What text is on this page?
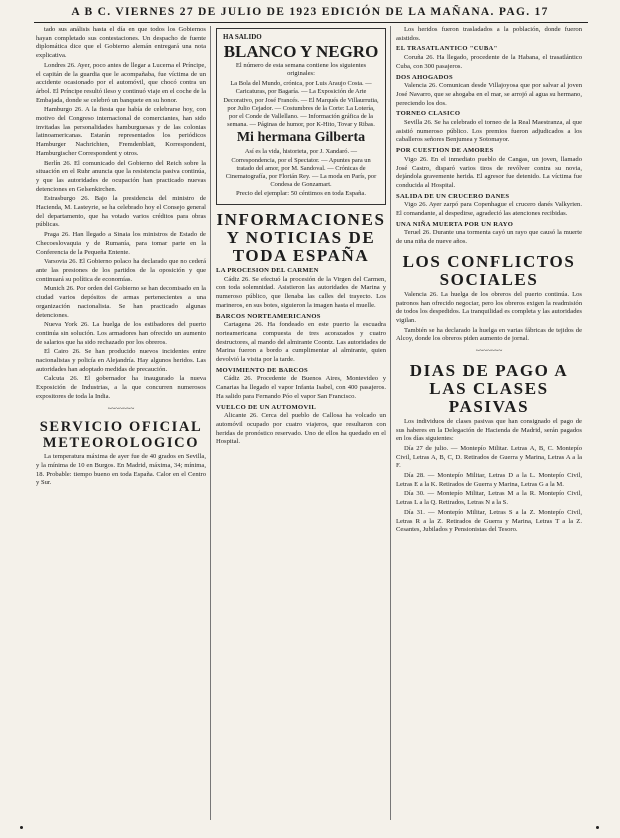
A B C. VIERNES 27 DE JULIO DE 1923 EDICIÓN DE LA MAÑANA. PAG. 17

tado sus análisis hasta el día en que todos los Gobiernos hayan completado sus contestaciones. Un despacho de fuente diplomática dice que el Gobierno alemán entregará una nota explicativa.

Londres 26. Ayer, poco antes de llegar a Lucerna el Príncipe, el capitán de la guardia que le acompañaba, fue víctima de un accidente ocasionado por el automóvil, que chocó contra un árbol. El Príncipe resultó ileso y continuó viaje en el coche de la Embajada, donde se celebró un banquete en su honor.

Hamburgo 26. A la fiesta que había de celebrarse hoy, con motivo del Congreso internacional de comerciantes, han sido invitadas las personalidades hamburguesas y de las colonias latinoamericanas. Estarán representados los periódicos Hamburger Nachrichten, Fremdenblatt, Korrespondent, Hamburgischer Correspondent y otros.

Berlín 26. El comunicado del Gobierno del Reich sobre la situación en el Ruhr anuncia que la resistencia pasiva continúa, y que las autoridades de ocupación han practicado nuevas detenciones en Gelsenkirchen.

Estrasburgo 26. Bajo la presidencia del ministro de Hacienda, M. Lasteyrie, se ha celebrado hoy el Consejo general del departamento, que ha votado varios créditos para obras públicas.

Praga 26. Han llegado a Sinaia los ministros de Estado de Checoeslovaquia y de Rumanía, para tomar parte en la Conferencia de la Pequeña Entente.

Varsovia 26. El Gobierno polaco ha declarado que no cederá ante las presiones de los partidos de la oposición y que continuará su política de economías.

Munich 26. Por orden del Gobierno se han decomisado en la ciudad varios depósitos de armas pertenecientes a una organización nacionalista. Se han practicado algunas detenciones.

Nueva York 26. La huelga de los estibadores del puerto continúa sin solución. Los armadores han ofrecido un aumento de salarios que ha sido rechazado por los obreros.

El Cairo 26. Se han producido nuevos incidentes entre nacionalistas y policía en Alejandría. Hay algunos heridos. Las autoridades han adoptado medidas de precaución.

Calcuta 26. El gobernador ha inaugurado la nueva Exposición de Industrias, a la que concurren numerosos expositores de toda la India.

~~~~~~~
SERVICIO OFICIAL METEOROLOGICO

La temperatura máxima de ayer fue de 40 grados en Sevilla, y la mínima de 10 en Burgos. En Madrid, máxima, 34; mínima, 18. Probable: tiempo bueno en toda España. Calor en el Centro y Sur.

HA SALIDO
BLANCO Y NEGRO

El número de esta semana contiene los siguientes originales:

La Bola del Mundo, crónica, por Luis Araujo Costa. — Caricaturas, por Bagaría. — La Exposición de Arte Decorativo, por José Francés. — El Marqués de Villaurrutia, por Julio Cejador. — Costumbres de la Corte: La Lotería, por el Conde de Vallellano. — Información gráfica de la semana. — Páginas de humor, por K-Hito, Tovar y Ribas.

Mi hermana Gilberta

Así es la vida, historieta, por J. Xandaró. — Correspondencia, por el Spectator. — Apuntes para un tratado del amor, por M. Sandoval. — Crónicas de Cinematografía, por Florián Rey. — La moda en París, por Condesa de Gonzamart.

Precio del ejemplar: 50 céntimos en toda España.

INFORMACIONES Y NOTICIAS DE TODA ESPAÑA
LA PROCESION DEL CARMEN

Cádiz 26. Se efectuó la procesión de la Virgen del Carmen, con toda solemnidad. Asistieron las autoridades de Marina y numeroso público, que llenaba las calles del trayecto. Los marineros, en sus botes, siguieron la imagen hasta el muelle.

BARCOS NORTEAMERICANOS

Cartagena 26. Ha fondeado en este puerto la escuadra norteamericana compuesta de tres acorazados y cuatro destructores, al mando del almirante Coontz. Las autoridades de Marina fueron a bordo a cumplimentar al almirante, quien devolvió la visita por la tarde.

MOVIMIENTO DE BARCOS

Cádiz 26. Procedente de Buenos Aires, Montevideo y Canarias ha llegado el vapor Infanta Isabel, con 400 pasajeros. Ha salido para Fernando Póo el vapor San Francisco.

VUELCO DE UN AUTOMOVIL

Alicante 26. Cerca del pueblo de Callosa ha volcado un automóvil ocupado por cuatro viajeros, que resultaron con heridas de pronóstico reservado. Uno de ellos ha quedado en el Hospital.

Los heridos fueron trasladados a la población, donde fueron asistidos.

EL TRASATLANTICO "CUBA"

Coruña 26. Ha llegado, procedente de la Habana, el trasatlántico Cuba, con 300 pasajeros.

DOS AHOGADOS

Valencia 26. Comunican desde Villajoyosa que por salvar al joven José Navarro, que se ahogaba en el mar, se arrojó al agua su hermano, pereciendo los dos.

TORNEO CLASICO

Sevilla 26. Se ha celebrado el torneo de la Real Maestranza, al que asistió numeroso público. Los premios fueron adjudicados a los caballeros señores Benjumea y Sotomayor.

POR CUESTION DE AMORES

Vigo 26. En el inmediato pueblo de Cangas, un joven, llamado José Castro, disparó varios tiros de revólver contra su novia, dejándola gravemente herida. El agresor fue detenido. La víctima fue conducida al Hospital.

SALIDA DE UN CRUCERO DANES

Vigo 26. Ayer zarpó para Copenhague el crucero danés Valkyrien. El comandante, al despedirse, agradeció las atenciones recibidas.

UNA NIÑA MUERTA POR UN RAYO

Teruel 26. Durante una tormenta cayó un rayo que causó la muerte de una niña de nueve años.

LOS CONFLICTOS SOCIALES

Valencia 26. La huelga de los obreros del puerto continúa. Los patronos han ofrecido negociar, pero los obreros exigen la readmisión de todos los despedidos. La tranquilidad es completa y las autoridades vigilan.

También se ha declarado la huelga en varias fábricas de tejidos de Alcoy, donde los obreros piden aumento de jornal.

~~~~~~~
DIAS DE PAGO A LAS CLASES PASIVAS

Los individuos de clases pasivas que han consignado el pago de sus haberes en la Delegación de Hacienda de Madrid, serán pagados en los días siguientes:

Día 27 de julio. — Montepío Militar. Letras A, B, C. Montepío Civil, Letras A, B, C, D. Retirados de Guerra y Marina, Letras A a la F.

Día 28. — Montepío Militar, Letras D a la L. Montepío Civil, Letras E a la K. Retirados de Guerra y Marina, Letras G a la M.

Día 30. — Montepío Militar, Letras M a la R. Montepío Civil, Letras L a la Q. Retirados, Letras N a la S.

Día 31. — Montepío Militar, Letras S a la Z. Montepío Civil, Letras R a la Z. Retirados de Guerra y Marina, Letras T a la Z. Cesantes, Jubilados y Pensionistas del Tesoro.
